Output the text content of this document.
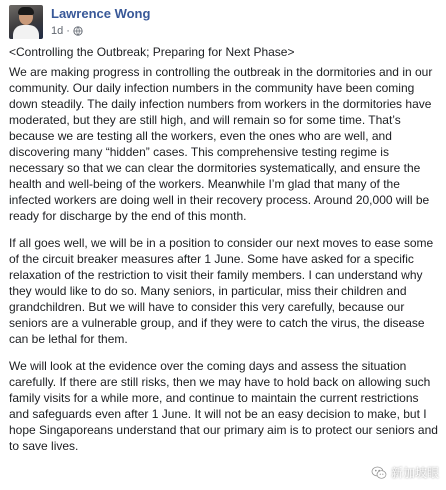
Lawrence Wong
1d ·

<Controlling the Outbreak; Preparing for Next Phase>

We are making progress in controlling the outbreak in the dormitories and in our community. Our daily infection numbers in the community have been coming down steadily. The daily infection numbers from workers in the dormitories have moderated, but they are still high, and will remain so for some time. That’s because we are testing all the workers, even the ones who are well, and discovering many “hidden” cases. This comprehensive testing regime is necessary so that we can clear the dormitories systematically, and ensure the health and well-being of the workers. Meanwhile I’m glad that many of the infected workers are doing well in their recovery process. Around 20,000 will be ready for discharge by the end of this month.

If all goes well, we will be in a position to consider our next moves to ease some of the circuit breaker measures after 1 June. Some have asked for a specific relaxation of the restriction to visit their family members. I can understand why they would like to do so. Many seniors, in particular, miss their children and grandchildren. But we will have to consider this very carefully, because our seniors are a vulnerable group, and if they were to catch the virus, the disease can be lethal for them.

We will look at the evidence over the coming days and assess the situation carefully. If there are still risks, then we may have to hold back on allowing such family visits for a while more, and continue to maintain the current restrictions and safeguards even after 1 June. It will not be an easy decision to make, but I hope Singaporeans understand that our primary aim is to protect our seniors and to save lives.

新加坡眼
